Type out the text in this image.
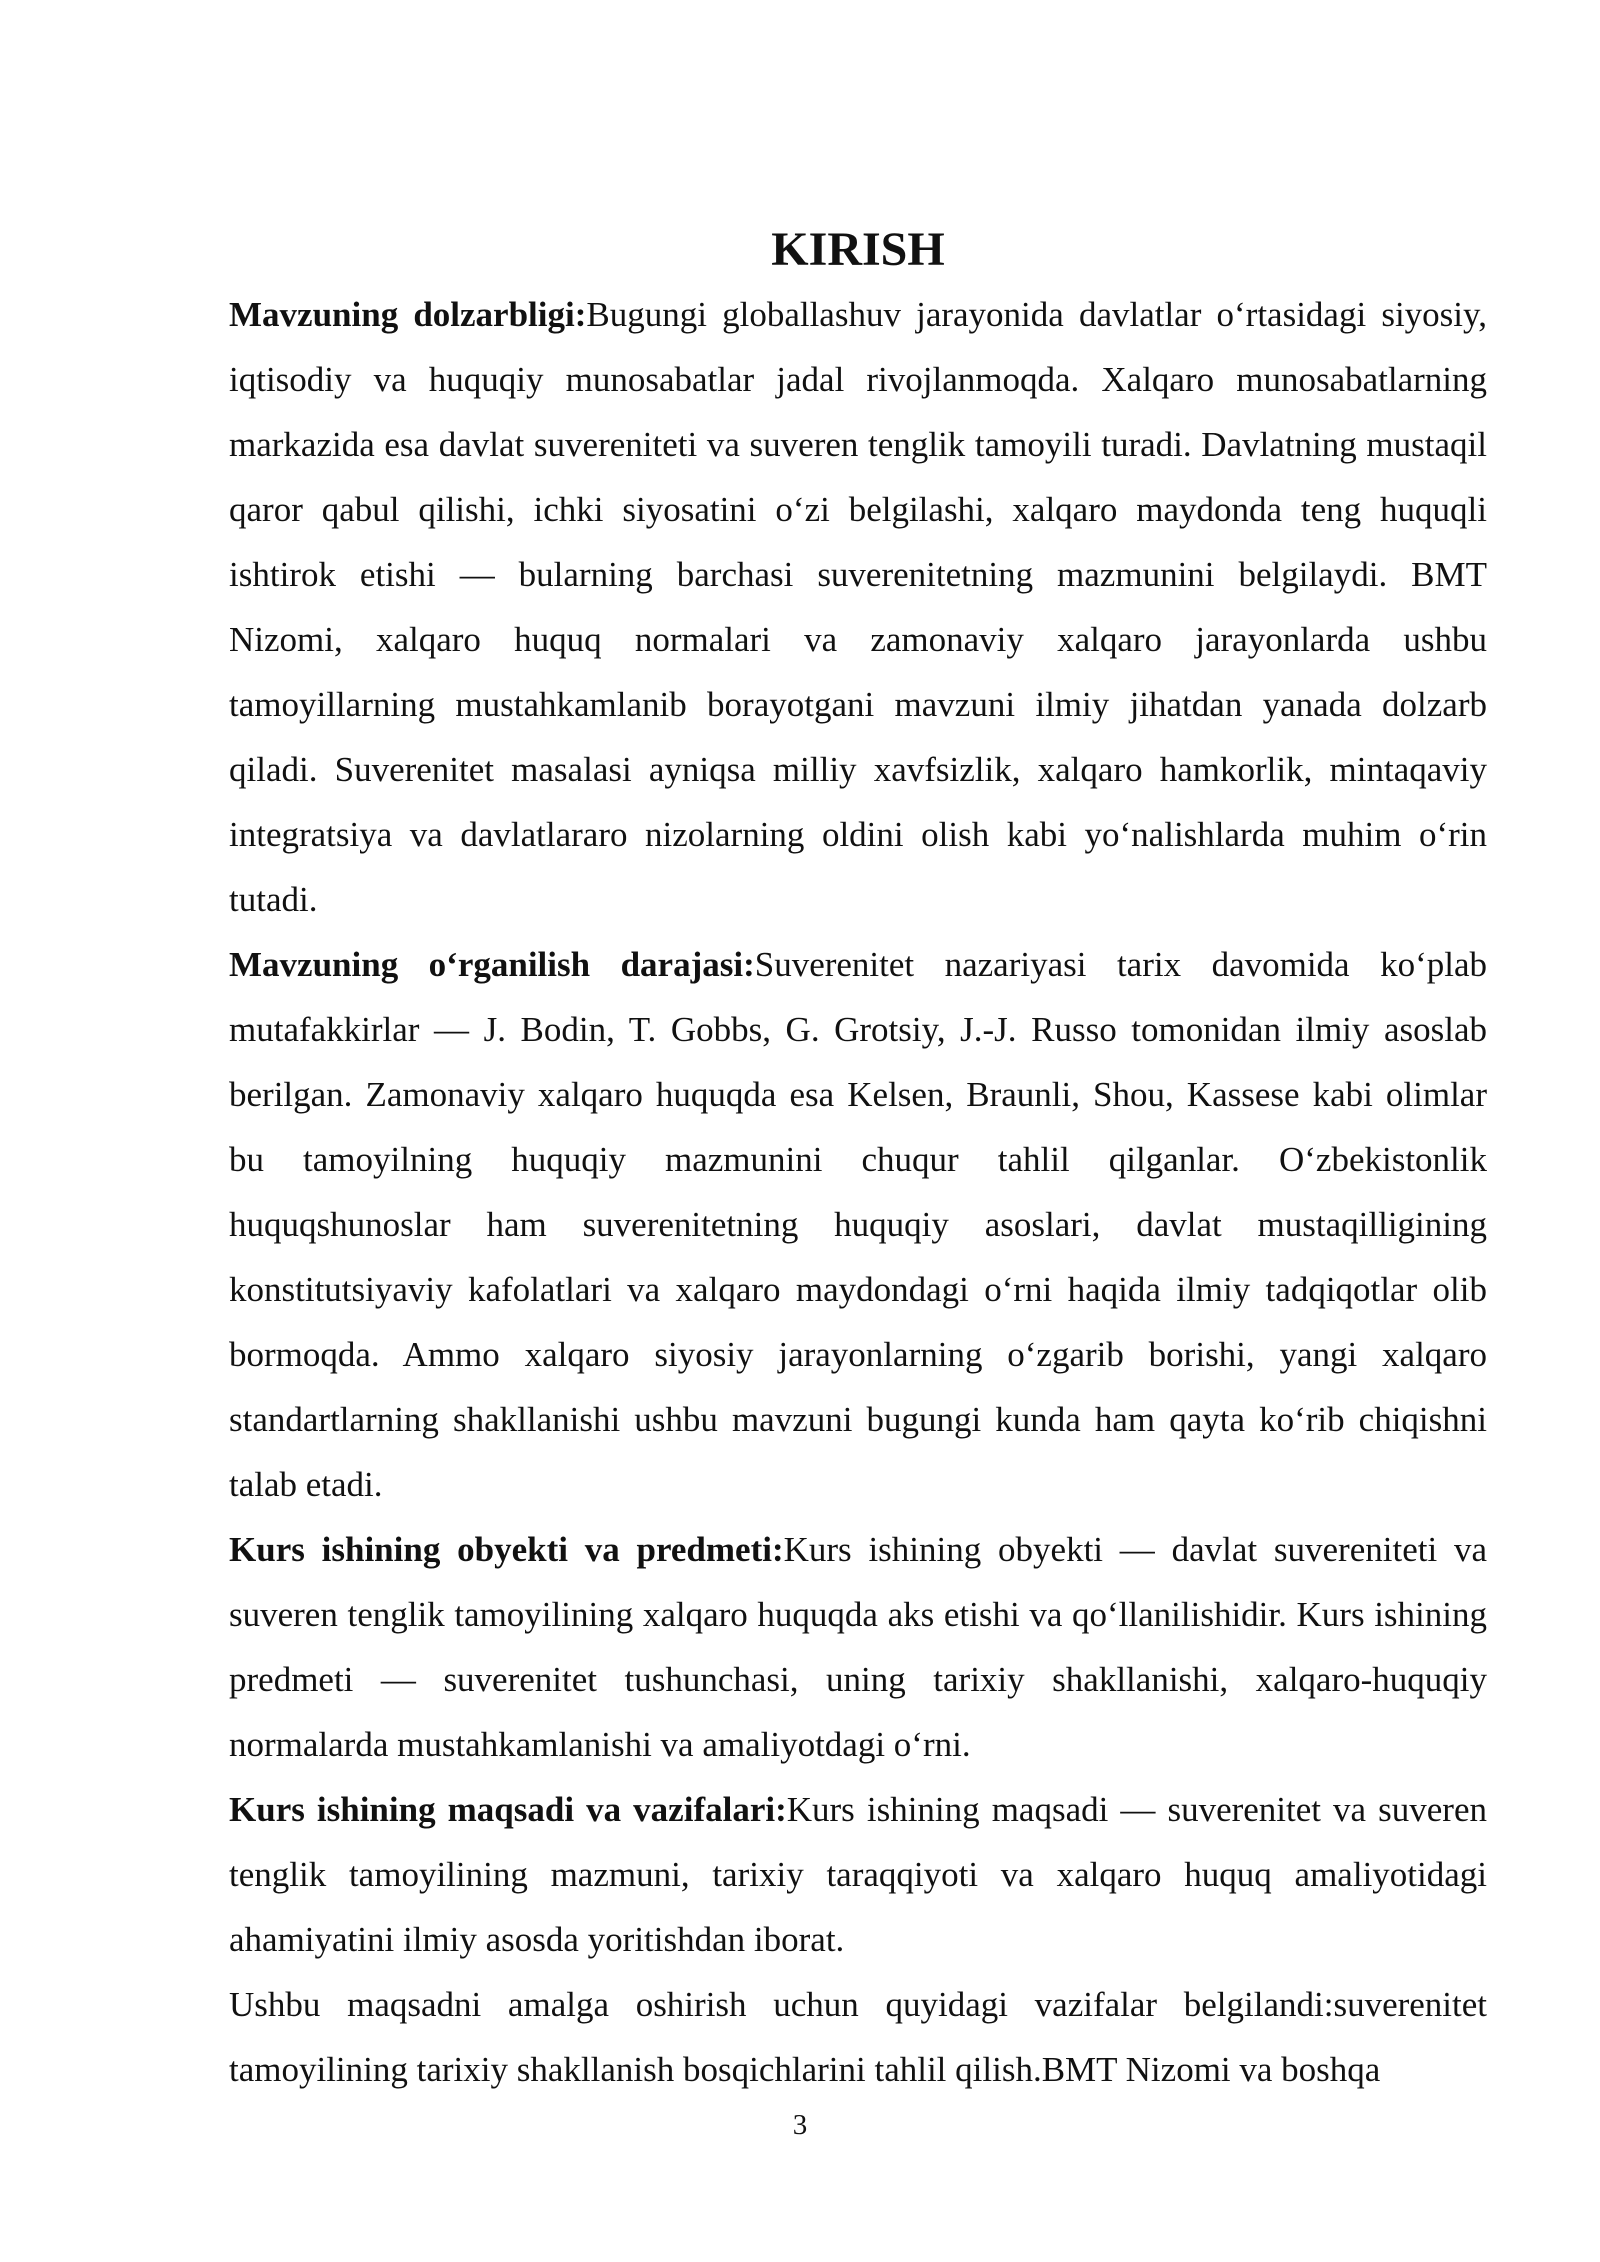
KIRISH

Mavzuning dolzarbligi:Bugungi globallashuv jarayonida davlatlar oʻrtasidagi siyosiy, iqtisodiy va huquqiy munosabatlar jadal rivojlanmoqda. Xalqaro munosabatlarning markazida esa davlat suvereniteti va suveren tenglik tamoyili turadi. Davlatning mustaqil qaror qabul qilishi, ichki siyosatini oʻzi belgilashi, xalqaro maydonda teng huquqli ishtirok etishi — bularning barchasi suverenitetning mazmunini belgilaydi. BMT Nizomi, xalqaro huquq normalari va zamonaviy xalqaro jarayonlarda ushbu tamoyillarning mustahkamlanib borayotgani mavzuni ilmiy jihatdan yanada dolzarb qiladi. Suverenitet masalasi ayniqsa milliy xavfsizlik, xalqaro hamkorlik, mintaqaviy integratsiya va davlatlararo nizolarning oldini olish kabi yoʻnalishlarda muhim oʻrin tutadi.

Mavzuning oʻrganilish darajasi:Suverenitet nazariyasi tarix davomida koʻplab mutafakkirlar — J. Bodin, T. Gobbs, G. Grotsiy, J.-J. Russo tomonidan ilmiy asoslab berilgan. Zamonaviy xalqaro huquqda esa Kelsen, Braunli, Shou, Kassese kabi olimlar bu tamoyilning huquqiy mazmunini chuqur tahlil qilganlar. Oʻzbekistonlik huquqshunoslar ham suverenitetning huquqiy asoslari, davlat mustaqilligining konstitutsiyaviy kafolatlari va xalqaro maydondagi oʻrni haqida ilmiy tadqiqotlar olib bormoqda. Ammo xalqaro siyosiy jarayonlarning oʻzgarib borishi, yangi xalqaro standartlarning shakllanishi ushbu mavzuni bugungi kunda ham qayta koʻrib chiqishni talab etadi.

Kurs ishining obyekti va predmeti:Kurs ishining obyekti — davlat suvereniteti va suveren tenglik tamoyilining xalqaro huquqda aks etishi va qoʻllanilishidir. Kurs ishining predmeti — suverenitet tushunchasi, uning tarixiy shakllanishi, xalqaro-huquqiy normalarda mustahkamlanishi va amaliyotdagi oʻrni.

Kurs ishining maqsadi va vazifalari:Kurs ishining maqsadi — suverenitet va suveren tenglik tamoyilining mazmuni, tarixiy taraqqiyoti va xalqaro huquq amaliyotidagi ahamiyatini ilmiy asosda yoritishdan iborat.

Ushbu maqsadni amalga oshirish uchun quyidagi vazifalar belgilandi:suverenitet tamoyilining tarixiy shakllanish bosqichlarini tahlil qilish.BMT Nizomi va boshqa

3
